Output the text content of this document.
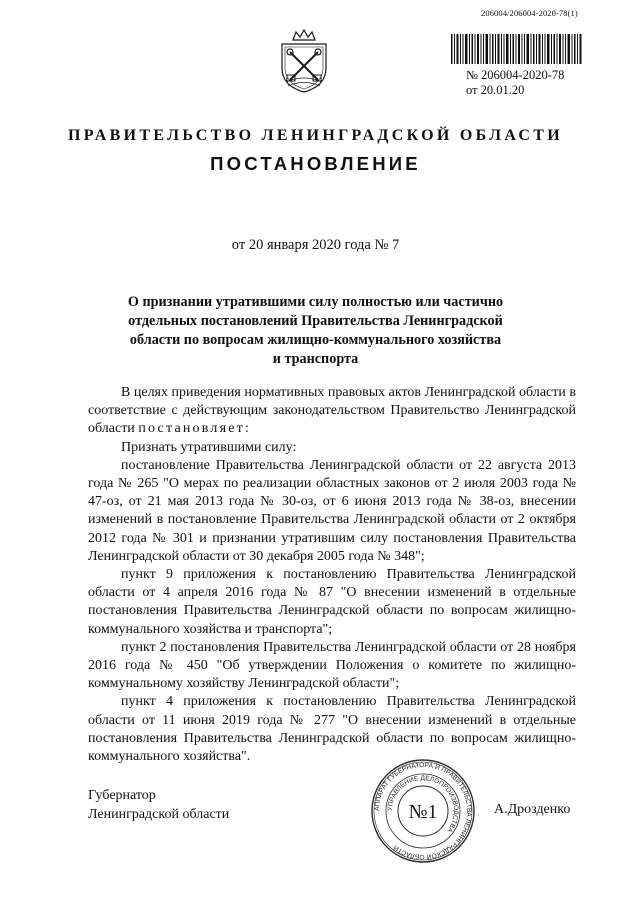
206004/206004-2020-78(1)
№ 206004-2020-78
от 20.01.20
ПРАВИТЕЛЬСТВО ЛЕНИНГРАДСКОЙ ОБЛАСТИ
ПОСТАНОВЛЕНИЕ
от 20 января 2020 года № 7
О признании утратившими силу полностью или частично
отдельных постановлений Правительства Ленинградской
области по вопросам жилищно-коммунального хозяйства
и транспорта

В целях приведения нормативных правовых актов Ленинградской области в соответствие с действующим законодательством Правительство Ленинградской области постановляет:

Признать утратившими силу:

постановление Правительства Ленинградской области от 22 августа 2013 года № 265 "О мерах по реализации областных законов от 2 июля 2003 года № 47-оз, от 21 мая 2013 года № 30-оз, от 6 июня 2013 года № 38-оз, внесении изменений в постановление Правительства Ленинградской области от 2 октября 2012 года № 301 и признании утратившим силу постановления Правительства Ленинградской области от 30 декабря 2005 года № 348";

пункт 9 приложения к постановлению Правительства Ленинградской области от 4 апреля 2016 года № 87 "О внесении изменений в отдельные постановления Правительства Ленинградской области по вопросам жилищно-коммунального хозяйства и транспорта";

пункт 2 постановления Правительства Ленинградской области от 28 ноября 2016 года № 450 "Об утверждении Положения о комитете по жилищно-коммунальному хозяйству Ленинградской области";

пункт 4 приложения к постановлению Правительства Ленинградской области от 11 июня 2019 года № 277 "О внесении изменений в отдельные постановления Правительства Ленинградской области по вопросам жилищно-коммунального хозяйства".

Губернатор
Ленинградской области	АППАРАТ ГУБЕРНАТОРА И ПРАВИТЕЛЬСТВА ЛЕНИНГРАДСКОЙ ОБЛАСТИ
УПРАВЛЕНИЕ ДЕЛОПРОИЗВОДСТВА
№1	А.Дрозденко
